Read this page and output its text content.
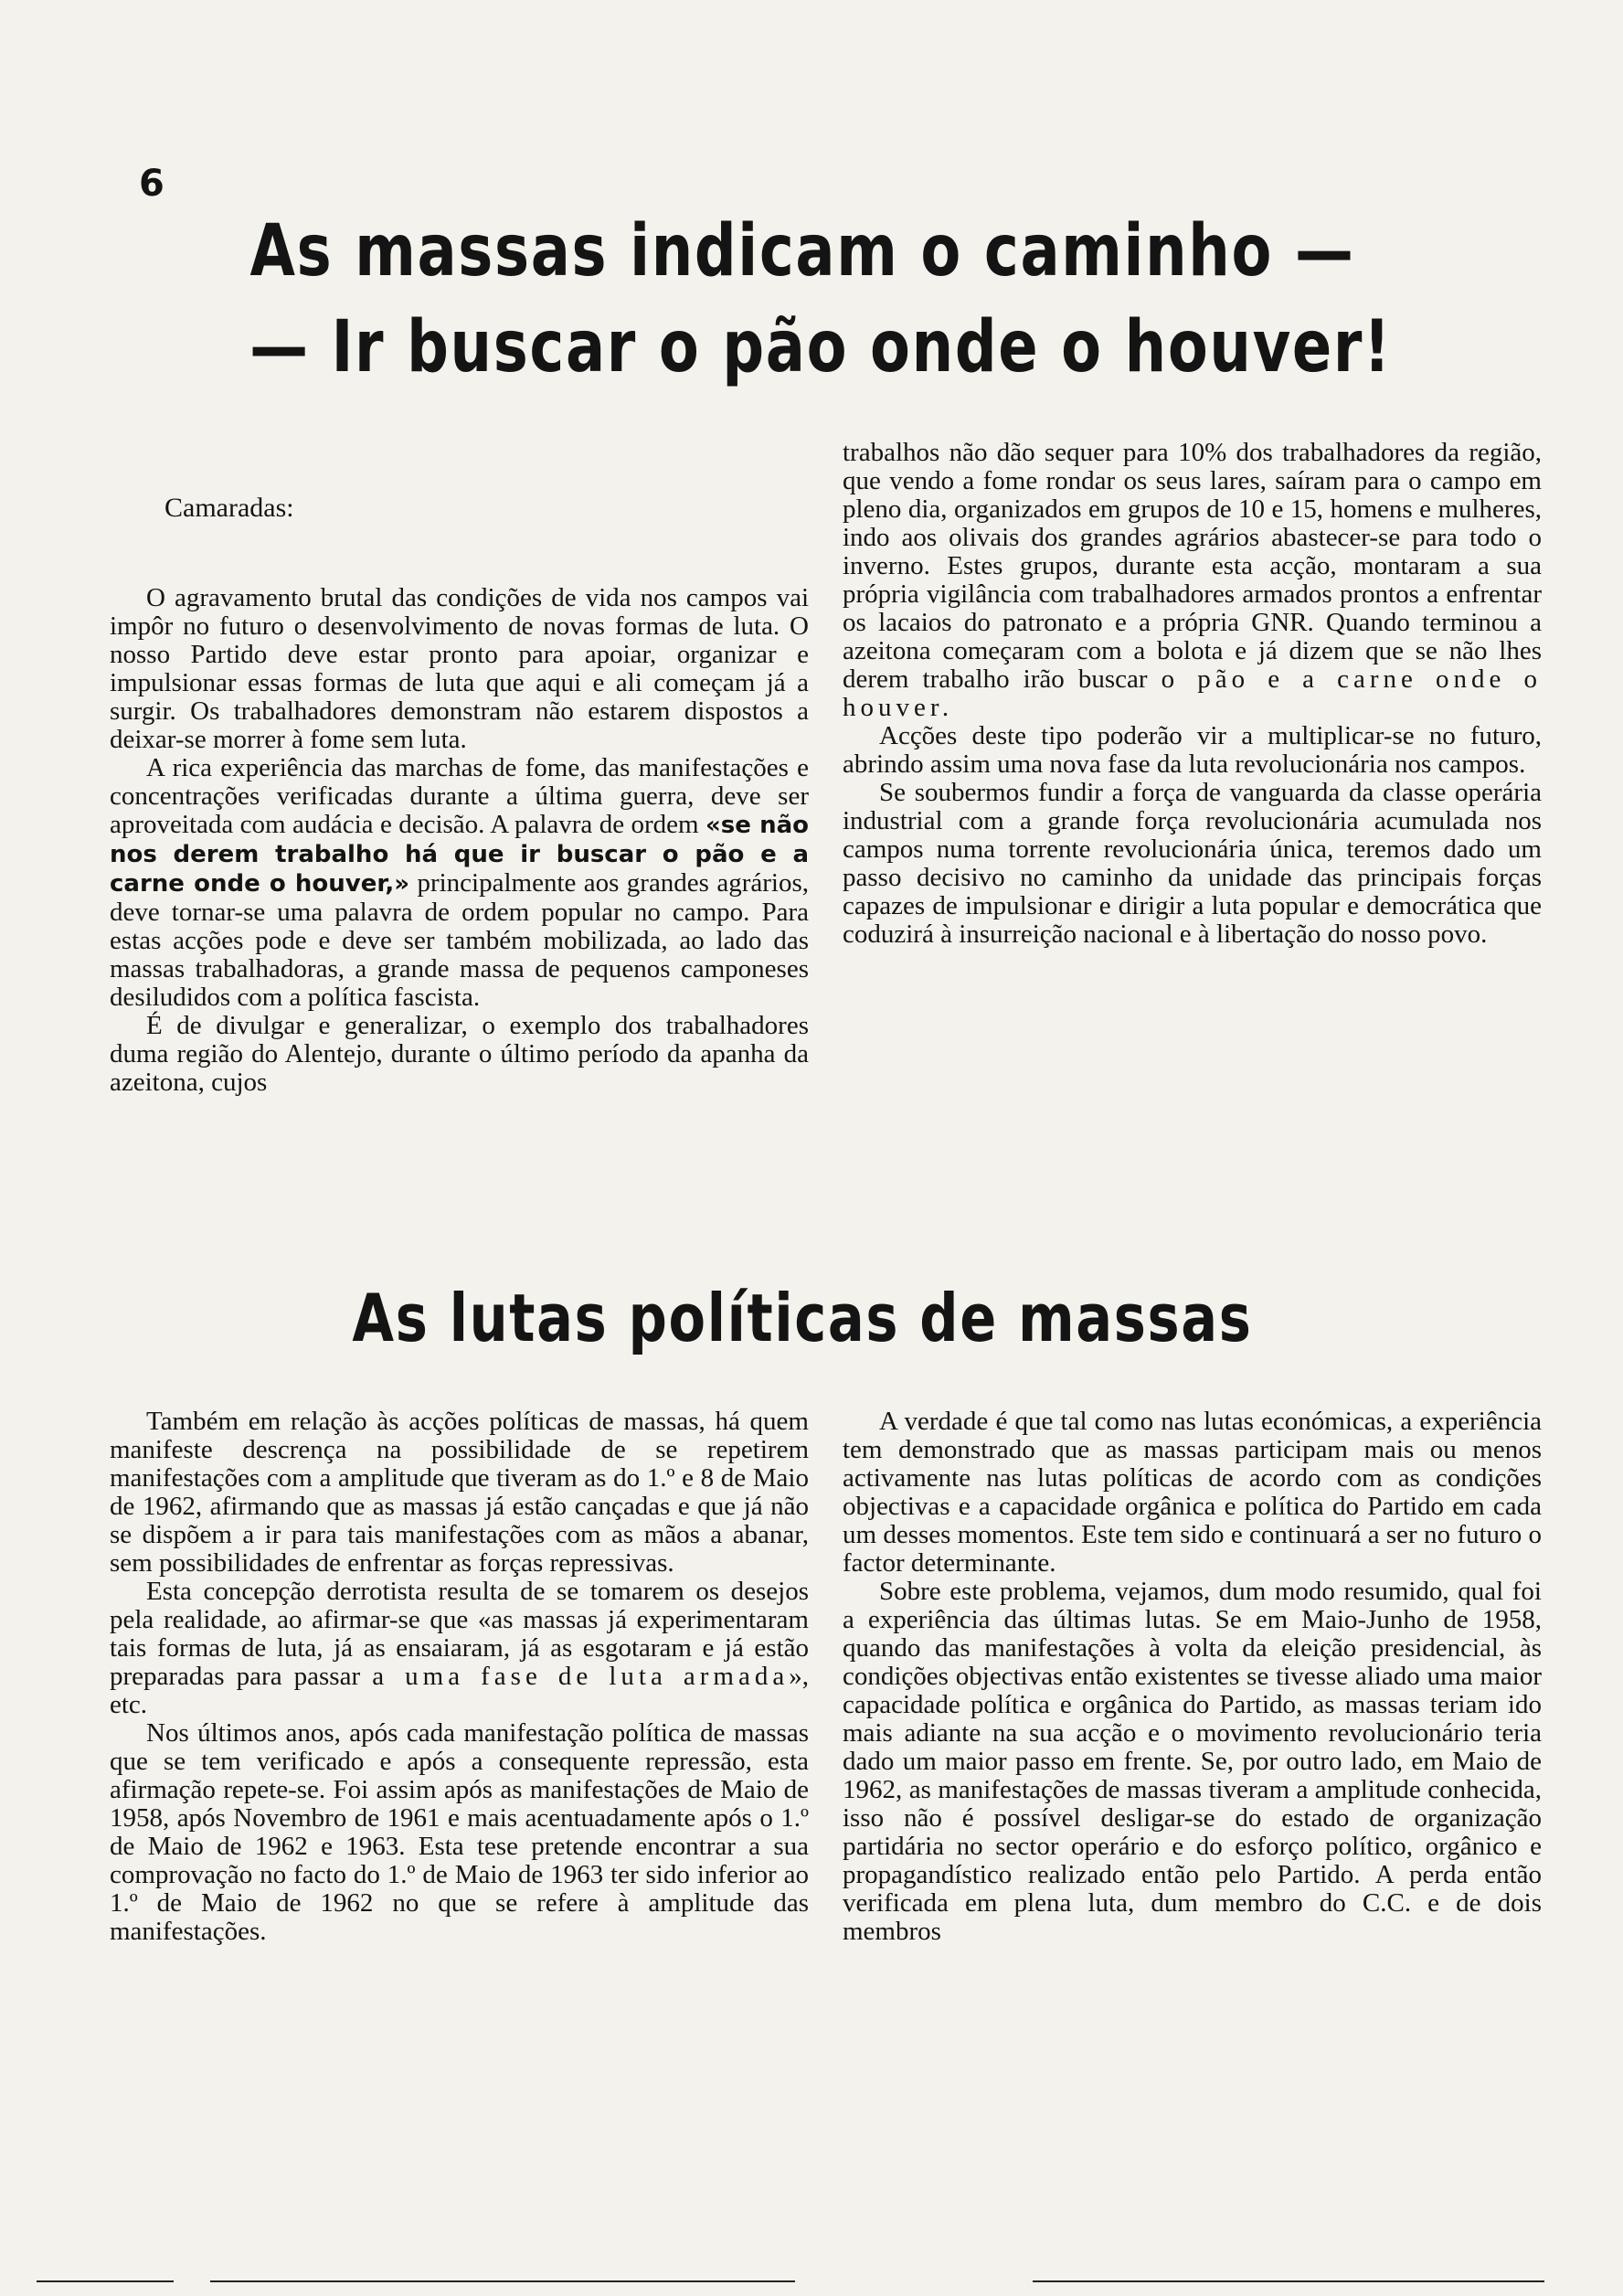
6
As massas indicam o caminho —
— Ir buscar o pão onde o houver!

Camaradas:

O agravamento brutal das condições de vida nos campos vai impôr no futuro o desenvolvimento de novas formas de luta. O nosso Partido deve estar pronto para apoiar, organizar e impulsionar essas formas de luta que aqui e ali começam já a surgir. Os trabalhadores demonstram não estarem dispostos a deixar-se morrer à fome sem luta.

A rica experiência das marchas de fome, das manifestações e concentrações verificadas durante a última guerra, deve ser aproveitada com audácia e decisão. A palavra de ordem «se não nos derem trabalho há que ir buscar o pão e a carne onde o houver,» principalmente aos grandes agrários, deve tornar-se uma palavra de ordem popular no campo. Para estas acções pode e deve ser também mobilizada, ao lado das massas trabalhadoras, a grande massa de pequenos camponeses desiludidos com a política fascista.

É de divulgar e generalizar, o exemplo dos trabalhadores duma região do Alentejo, durante o último período da apanha da azeitona, cujos

trabalhos não dão sequer para 10% dos trabalhadores da região, que vendo a fome rondar os seus lares, saíram para o campo em pleno dia, organizados em grupos de 10 e 15, homens e mulheres, indo aos olivais dos grandes agrários abastecer-se para todo o inverno. Estes grupos, durante esta acção, montaram a sua própria vigilância com trabalhadores armados prontos a enfrentar os lacaios do patronato e a própria GNR. Quando terminou a azeitona começaram com a bolota e já dizem que se não lhes derem trabalho irão buscar o pão e a carne onde o houver.

Acções deste tipo poderão vir a multiplicar-se no futuro, abrindo assim uma nova fase da luta revolucionária nos campos.

Se soubermos fundir a força de vanguarda da classe operária industrial com a grande força revolucionária acumulada nos campos numa torrente revolucionária única, teremos dado um passo decisivo no caminho da unidade das principais forças capazes de impulsionar e dirigir a luta popular e democrática que coduzirá à insurreição nacional e à libertação do nosso povo.

As lutas políticas de massas

Também em relação às acções políticas de massas, há quem manifeste descrença na possibilidade de se repetirem manifestações com a amplitude que tiveram as do 1.º e 8 de Maio de 1962, afirmando que as massas já estão cançadas e que já não se dispõem a ir para tais manifestações com as mãos a abanar, sem possibilidades de enfrentar as forças repressivas.

Esta concepção derrotista resulta de se tomarem os desejos pela realidade, ao afirmar-se que «as massas já experimentaram tais formas de luta, já as ensaiaram, já as esgotaram e já estão preparadas para passar a uma fase de luta armada», etc.

Nos últimos anos, após cada manifestação política de massas que se tem verificado e após a consequente repressão, esta afirmação repete-se. Foi assim após as manifestações de Maio de 1958, após Novembro de 1961 e mais acentuadamente após o 1.º de Maio de 1962 e 1963. Esta tese pretende encontrar a sua comprovação no facto do 1.º de Maio de 1963 ter sido inferior ao 1.º de Maio de 1962 no que se refere à amplitude das manifestações.

A verdade é que tal como nas lutas económicas, a experiência tem demonstrado que as massas participam mais ou menos activamente nas lutas políticas de acordo com as condições objectivas e a capacidade orgânica e política do Partido em cada um desses momentos. Este tem sido e continuará a ser no futuro o factor determinante.

Sobre este problema, vejamos, dum modo resumido, qual foi a experiência das últimas lutas. Se em Maio-Junho de 1958, quando das manifestações à volta da eleição presidencial, às condições objectivas então existentes se tivesse aliado uma maior capacidade política e orgânica do Partido, as massas teriam ido mais adiante na sua acção e o movimento revolucionário teria dado um maior passo em frente. Se, por outro lado, em Maio de 1962, as manifestações de massas tiveram a amplitude conhecida, isso não é possível desligar-se do estado de organização partidária no sector operário e do esforço político, orgânico e propagandístico realizado então pelo Partido. A perda então verificada em plena luta, dum membro do C.C. e de dois membros
